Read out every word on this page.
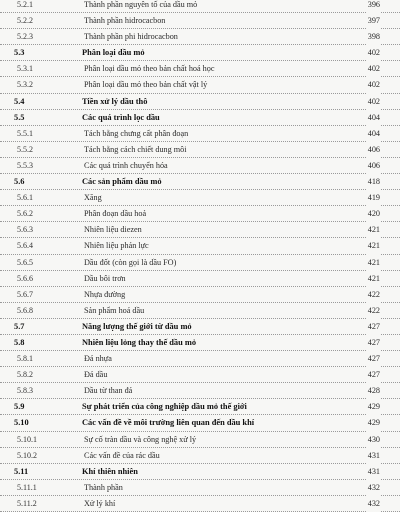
5.2.1	Thành phần nguyên tố của dầu mỏ	396
5.2.2	Thành phần hidrocacbon	397
5.2.3	Thành phần phi hidrocacbon	398
5.3	Phân loại dầu mỏ	402
5.3.1	Phân loại dầu mỏ theo bản chất hoá học	402
5.3.2	Phân loại dầu mỏ theo bản chất vật lý	402
5.4	Tiền xử lý dầu thô	402
5.5	Các quá trình lọc dầu	404
5.5.1	Tách bằng chưng cất phân đoạn	404
5.5.2	Tách bằng cách chiết dung môi	406
5.5.3	Các quá trình chuyển hóa	406
5.6	Các sản phẩm dầu mỏ	418
5.6.1	Xăng	419
5.6.2	Phân đoạn dầu hoả	420
5.6.3	Nhiên liệu diezen	421
5.6.4	Nhiên liệu phản lực	421
5.6.5	Dầu đốt (còn gọi là dầu FO)	421
5.6.6	Dầu bôi trơn	421
5.6.7	Nhựa đường	422
5.6.8	Sản phẩm hoá dầu	422
5.7	Năng lượng thế giới từ dầu mỏ	427
5.8	Nhiên liệu lỏng thay thế dầu mỏ	427
5.8.1	Đá nhựa	427
5.8.2	Đá dầu	427
5.8.3	Dầu từ than đá	428
5.9	Sự phát triển của công nghiệp dầu mỏ thế giới	429
5.10	Các vấn đề về môi trường liên quan đến dầu khí	429
5.10.1	Sự cố tràn dầu và công nghệ xử lý	430
5.10.2	Các vấn đề của rác dầu	431
5.11	Khí thiên nhiên	431
5.11.1	Thành phần	432
5.11.2	Xử lý khí	432
